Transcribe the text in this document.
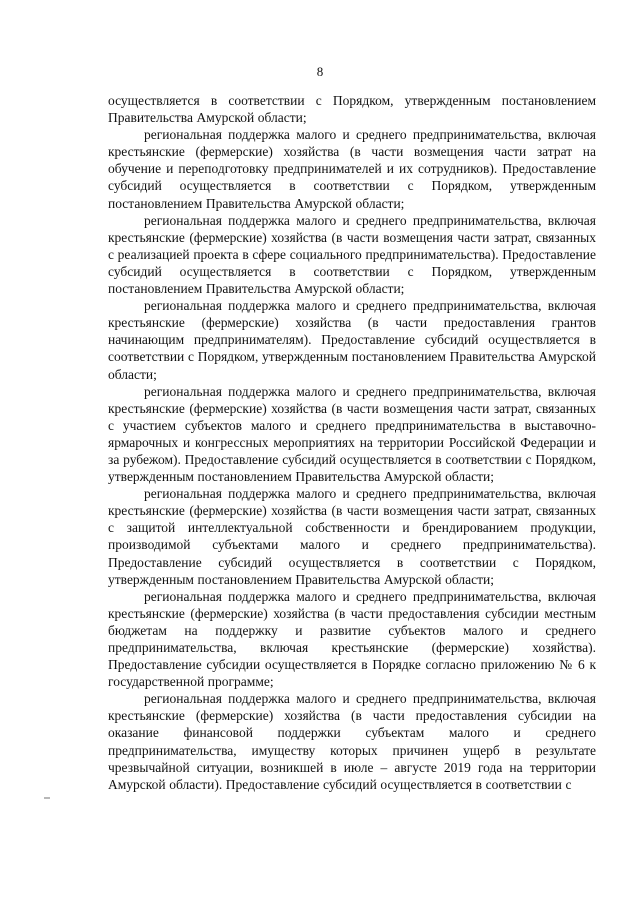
8

осуществляется в соответствии с Порядком, утвержденным постановлением Правительства Амурской области;

региональная поддержка малого и среднего предпринимательства, включая крестьянские (фермерские) хозяйства (в части возмещения части затрат на обучение и переподготовку предпринимателей и их сотрудников). Предоставление субсидий осуществляется в соответствии с Порядком, утвержденным постановлением Правительства Амурской области;

региональная поддержка малого и среднего предпринимательства, включая крестьянские (фермерские) хозяйства (в части возмещения части затрат, связанных с реализацией проекта в сфере социального предпринимательства). Предоставление субсидий осуществляется в соответствии с Порядком, утвержденным постановлением Правительства Амурской области;

региональная поддержка малого и среднего предпринимательства, включая крестьянские (фермерские) хозяйства (в части предоставления грантов начинающим предпринимателям). Предоставление субсидий осуществляется в соответствии с Порядком, утвержденным постановлением Правительства Амурской области;

региональная поддержка малого и среднего предпринимательства, включая крестьянские (фермерские) хозяйства (в части возмещения части затрат, связанных с участием субъектов малого и среднего предпринимательства в выставочно-ярмарочных и конгрессных мероприятиях на территории Российской Федерации и за рубежом). Предоставление субсидий осуществляется в соответствии с Порядком, утвержденным постановлением Правительства Амурской области;

региональная поддержка малого и среднего предпринимательства, включая крестьянские (фермерские) хозяйства (в части возмещения части затрат, связанных с защитой интеллектуальной собственности и брендированием продукции, производимой субъектами малого и среднего предпринимательства). Предоставление субсидий осуществляется в соответствии с Порядком, утвержденным постановлением Правительства Амурской области;

региональная поддержка малого и среднего предпринимательства, включая крестьянские (фермерские) хозяйства (в части предоставления субсидии местным бюджетам на поддержку и развитие субъектов малого и среднего предпринимательства, включая крестьянские (фермерские) хозяйства). Предоставление субсидии осуществляется в Порядке согласно приложению № 6 к государственной программе;

региональная поддержка малого и среднего предпринимательства, включая крестьянские (фермерские) хозяйства (в части предоставления субсидии на оказание финансовой поддержки субъектам малого и среднего предпринимательства, имуществу которых причинен ущерб в результате чрезвычайной ситуации, возникшей в июле – августе 2019 года на территории Амурской области). Предоставление субсидий осуществляется в соответствии с
